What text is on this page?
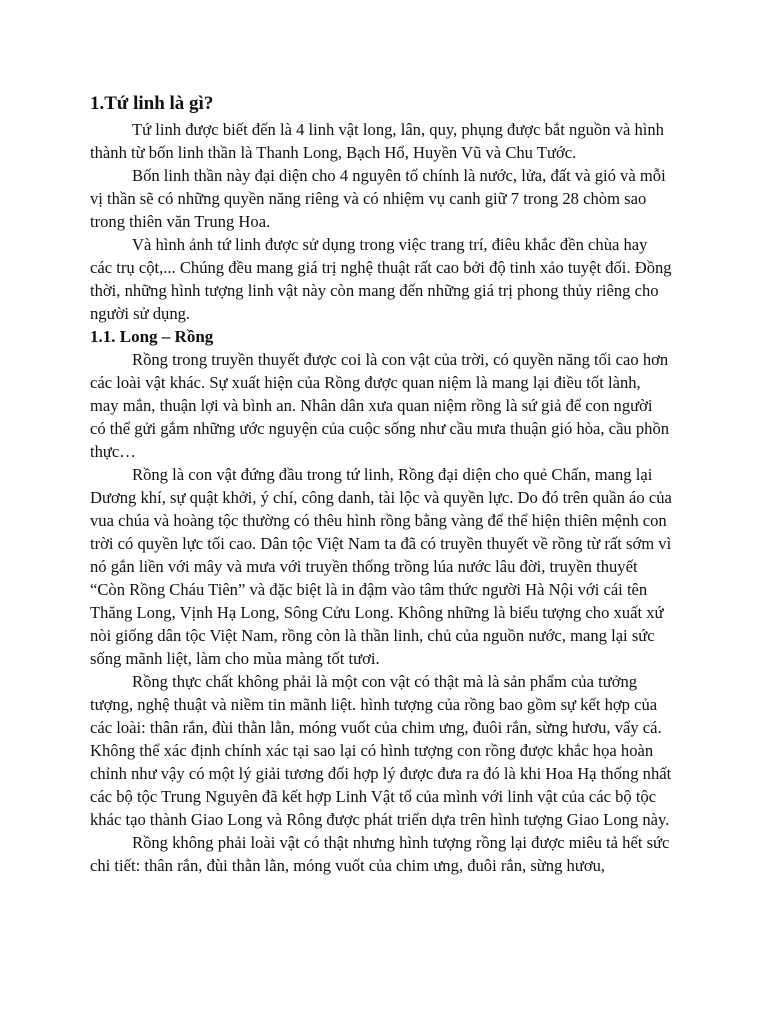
1.Tứ linh là gì?

Tứ linh được biết đến là 4 linh vật long, lân, quy, phụng được bắt nguồn và hình thành từ bốn linh thần là Thanh Long, Bạch Hổ, Huyền Vũ và Chu Tước.

Bốn linh thần này đại diện cho 4 nguyên tố chính là nước, lửa, đất và gió và mỗi vị thần sẽ có những quyền năng riêng và có nhiệm vụ canh giữ 7 trong 28 chòm sao trong thiên văn Trung Hoa.

Và hình ảnh tứ linh được sử dụng trong việc trang trí, điêu khắc đền chùa hay các trụ cột,... Chúng đều mang giá trị nghệ thuật rất cao bởi độ tinh xảo tuyệt đối. Đồng thời, những hình tượng linh vật này còn mang đến những giá trị phong thủy riêng cho người sử dụng.

1.1. Long – Rồng

Rồng trong truyền thuyết được coi là con vật của trời, có quyền năng tối cao hơn các loài vật khác. Sự xuất hiện của Rồng được quan niệm là mang lại điều tốt lành, may mắn, thuận lợi và bình an. Nhân dân xưa quan niệm rồng là sứ giả để con người có thể gửi gắm những ước nguyện của cuộc sống như cầu mưa thuận gió hòa, cầu phồn thực…

Rồng là con vật đứng đầu trong tứ linh, Rồng đại diện cho quẻ Chấn, mang lại Dương khí, sự quật khởi, ý chí, công danh, tài lộc và quyền lực. Do đó trên quần áo của vua chúa và hoàng tộc thường có thêu hình rồng bằng vàng để thể hiện thiên mệnh con trời có quyền lực tối cao. Dân tộc Việt Nam ta đã có truyền thuyết về rồng từ rất sớm vì nó gắn liền với mây và mưa với truyền thống trồng lúa nước lâu đời, truyền thuyết “Còn Rồng Cháu Tiên” và đặc biệt là in đậm vào tâm thức người Hà Nội với cái tên Thăng Long, Vịnh Hạ Long, Sông Cửu Long. Không những là biểu tượng cho xuất xứ nòi giống dân tộc Việt Nam, rồng còn là thần linh, chủ của nguồn nước, mang lại sức sống mãnh liệt, làm cho mùa màng tốt tươi.

Rồng thực chất không phải là một con vật có thật mà là sản phẩm của tưởng tượng, nghệ thuật và niềm tin mãnh liệt. hình tượng của rồng bao gồm sự kết hợp của các loài: thân rắn, đùi thằn lằn, móng vuốt của chim ưng, đuôi rắn, sừng hươu, vẩy cá. Không thể xác định chính xác tại sao lại có hình tượng con rồng được khắc họa hoàn chỉnh như vậy có một lý giải tương đối hợp lý được đưa ra đó là khi Hoa Hạ thống nhất các bộ tộc Trung Nguyên đã kết hợp Linh Vật tổ của mình với linh vật của các bộ tộc khác tạo thành Giao Long và Rông được phát triển dựa trên hình tượng Giao Long này.

Rồng không phải loài vật có thật nhưng hình tượng rồng lại được miêu tả hết sức chi tiết: thân rắn, đùi thằn lằn, móng vuốt của chim ưng, đuôi rắn, sừng hươu,
